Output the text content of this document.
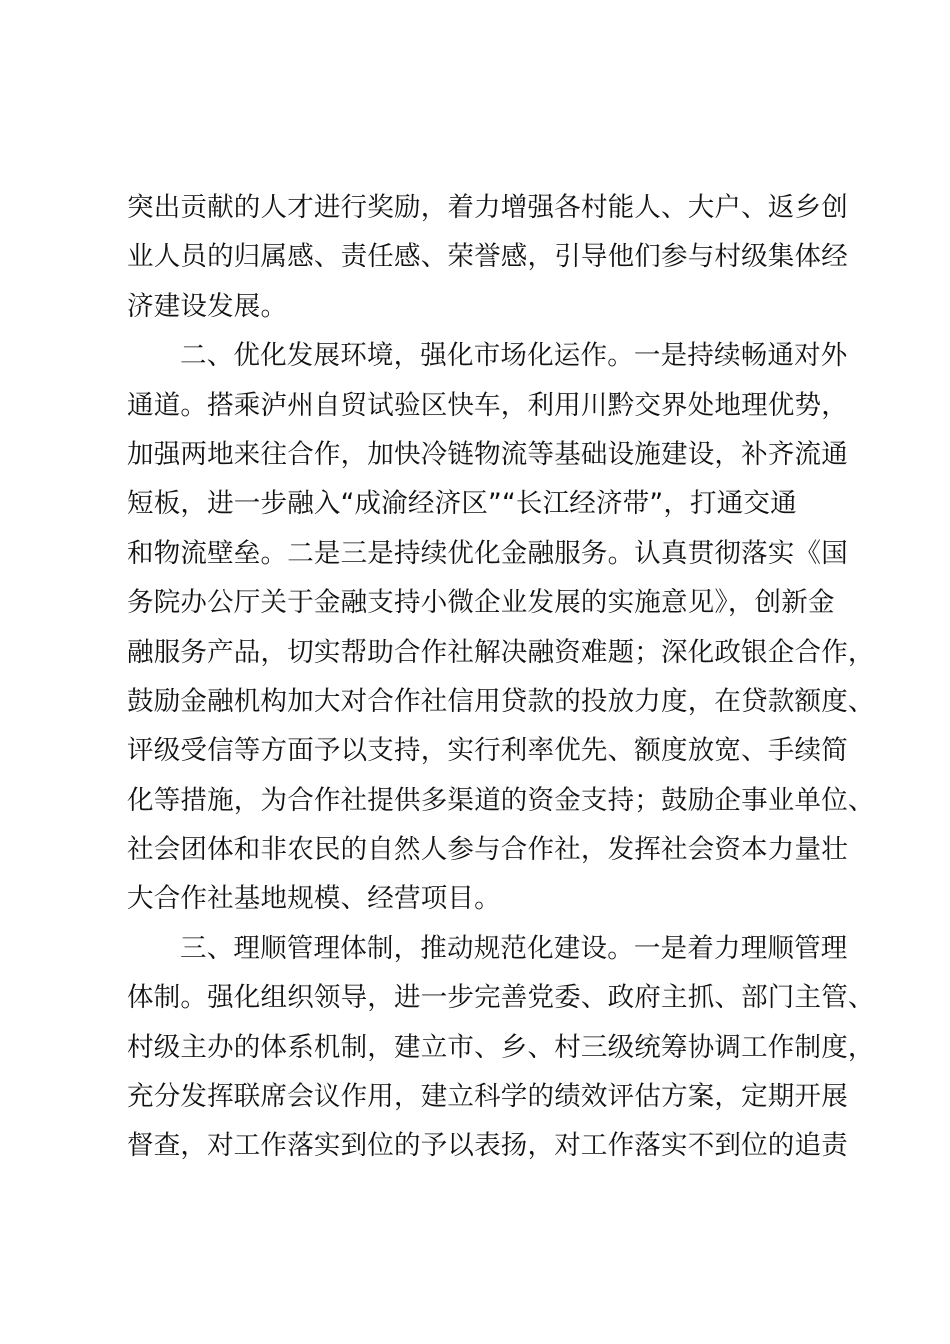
突出贡献的人才进行奖励，着力增强各村能人、大户、返乡创
业人员的归属感、责任感、荣誉感，引导他们参与村级集体经
济建设发展。
二、优化发展环境，强化市场化运作。一是持续畅通对外
通道。搭乘泸州自贸试验区快车，利用川黔交界处地理优势，
加强两地来往合作，加快冷链物流等基础设施建设，补齐流通
短板，进一步融入“成渝经济区”“长江经济带”，打通交通
和物流壁垒。二是三是持续优化金融服务。认真贯彻落实《国
务院办公厅关于金融支持小微企业发展的实施意见》，创新金
融服务产品，切实帮助合作社解决融资难题；深化政银企合作，
鼓励金融机构加大对合作社信用贷款的投放力度，在贷款额度、
评级受信等方面予以支持，实行利率优先、额度放宽、手续简
化等措施，为合作社提供多渠道的资金支持；鼓励企事业单位、
社会团体和非农民的自然人参与合作社，发挥社会资本力量壮
大合作社基地规模、经营项目。
三、理顺管理体制，推动规范化建设。一是着力理顺管理
体制。强化组织领导，进一步完善党委、政府主抓、部门主管、
村级主办的体系机制，建立市、乡、村三级统筹协调工作制度，
充分发挥联席会议作用，建立科学的绩效评估方案，定期开展
督查，对工作落实到位的予以表扬，对工作落实不到位的追责
